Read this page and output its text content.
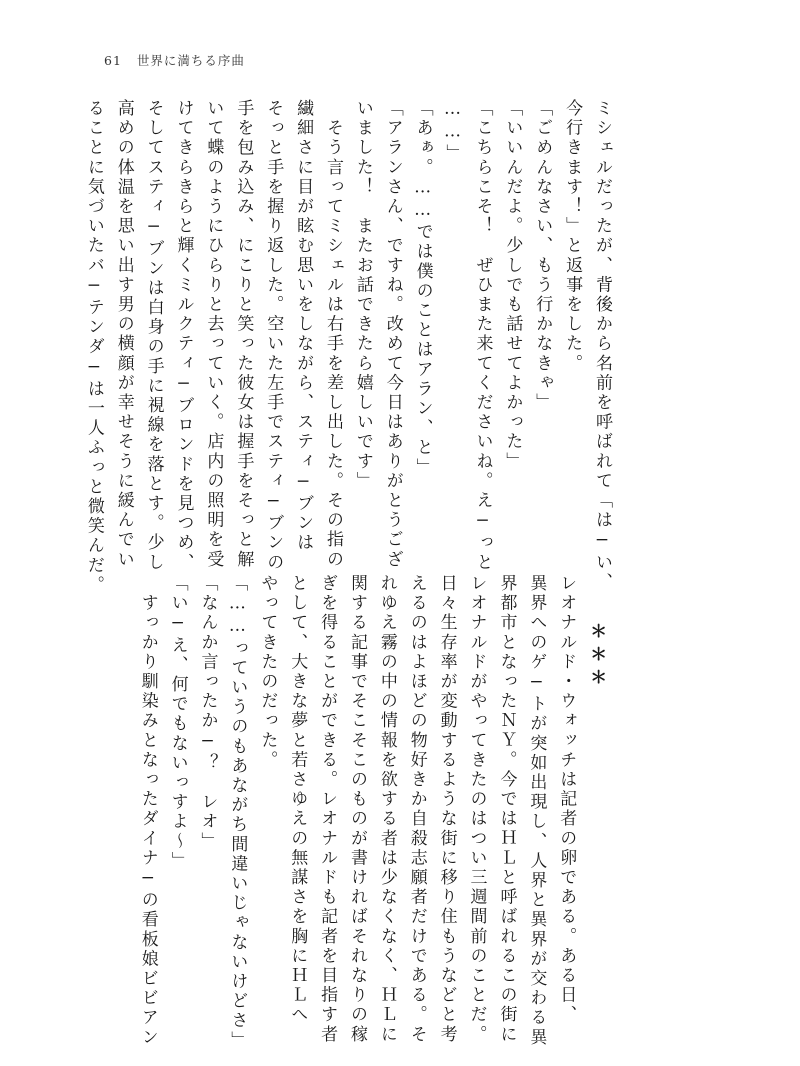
61 世界に満ちる序曲
ミシェルだったが、背後から名前を呼ばれて「は−い、
今行きます！」と返事をした。
「ごめんなさい、もう行かなきゃ」
「いいんだよ。少しでも話せてよかった」
「こちらこそ！　ぜひまた来てくださいね。え−っと
……」
「あぁ。……では僕のことはアラン、と」
「アランさん、ですね。改めて今日はありがとうござ
いました！　またお話できたら嬉しいです」
　そう言ってミシェルは右手を差し出した。その指の
繊細さに目が眩む思いをしながら、スティ−ブンは
そっと手を握り返した。空いた左手でスティ−ブンの
手を包み込み、にこりと笑った彼女は握手をそっと解
いて蝶のようにひらりと去っていく。店内の照明を受
けてきらきらと輝くミルクティ−ブロンドを見つめ、
そしてスティ−ブンは白身の手に視線を落とす。少し
高めの体温を思い出す男の横顔が幸せそうに緩んでい
ることに気づいたバ−テンダ−は一人ふっと微笑んだ。
＊＊＊
レオナルド・ウォッチは記者の卵である。ある日、
異界へのゲ−トが突如出現し、人界と異界が交わる異
界都市となったＮＹ。今ではＨＬと呼ばれるこの街に
レオナルドがやってきたのはつい三週間前のことだ。
日々生存率が変動するような街に移り住もうなどと考
えるのはよほどの物好きか自殺志願者だけである。そ
れゆえ霧の中の情報を欲する者は少なくなく、ＨＬに
関する記事でそこそこのものが書ければそれなりの稼
ぎを得ることができる。レオナルドも記者を目指す者
として、大きな夢と若さゆえの無謀さを胸にＨＬへ
やってきたのだった。
「……っていうのもあながち間違いじゃないけどさ」
「なんか言ったか−？　レオ」
「い−え、何でもないっすよ〜」
　すっかり馴染みとなったダイナ−の看板娘ビビアン
